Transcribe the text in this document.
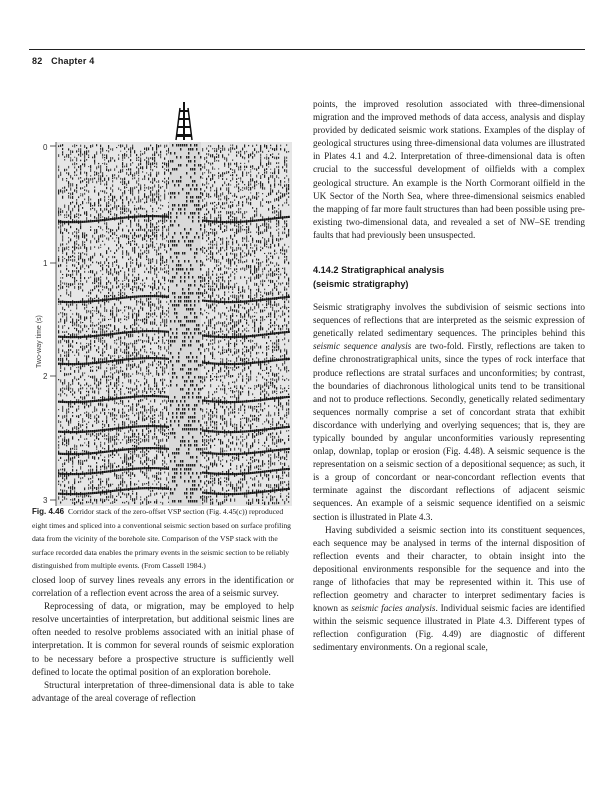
82 Chapter 4
0
1
2
3
Two-way time (s)
Fig. 4.46 Corridor stack of the zero-offset VSP section (Fig. 4.45(c)) reproduced eight times and spliced into a conventional seismic section based on surface profiling data from the vicinity of the borehole site. Comparison of the VSP stack with the surface recorded data enables the primary events in the seismic section to be reliably distinguished from multiple events. (From Cassell 1984.)

closed loop of survey lines reveals any errors in the identification or correlation of a reflection event across the area of a seismic survey.

Reprocessing of data, or migration, may be employed to help resolve uncertainties of interpretation, but additional seismic lines are often needed to resolve problems associated with an initial phase of interpretation. It is common for several rounds of seismic exploration to be necessary before a prospective structure is sufficiently well defined to locate the optimal position of an exploration borehole.

Structural interpretation of three-dimensional data is able to take advantage of the areal coverage of reflection

points, the improved resolution associated with three-dimensional migration and the improved methods of data access, analysis and display provided by dedicated seismic work stations. Examples of the display of geological structures using three-dimensional data volumes are illustrated in Plates 4.1 and 4.2. Interpretation of three-dimensional data is often crucial to the successful development of oilfields with a complex geological structure. An example is the North Cormorant oilfield in the UK Sector of the North Sea, where three-dimensional seismics enabled the mapping of far more fault structures than had been possible using pre-existing two-dimensional data, and revealed a set of NW–SE trending faults that had previously been unsuspected.

4.14.2 Stratigraphical analysis
(seismic stratigraphy)

Seismic stratigraphy involves the subdivision of seismic sections into sequences of reflections that are interpreted as the seismic expression of genetically related sedimentary sequences. The principles behind this seismic sequence analysis are two-fold. Firstly, reflections are taken to define chronostratigraphical units, since the types of rock interface that produce reflections are stratal surfaces and unconformities; by contrast, the boundaries of diachronous lithological units tend to be transitional and not to produce reflections. Secondly, genetically related sedimentary sequences normally comprise a set of concordant strata that exhibit discordance with underlying and overlying sequences; that is, they are typically bounded by angular unconformities variously representing onlap, downlap, toplap or erosion (Fig. 4.48). A seismic sequence is the representation on a seismic section of a depositional sequence; as such, it is a group of concordant or near-concordant reflection events that terminate against the discordant reflections of adjacent seismic sequences. An example of a seismic sequence identified on a seismic section is illustrated in Plate 4.3.

Having subdivided a seismic section into its constituent sequences, each sequence may be analysed in terms of the internal disposition of reflection events and their character, to obtain insight into the depositional environments responsible for the sequence and into the range of lithofacies that may be represented within it. This use of reflection geometry and character to interpret sedimentary facies is known as seismic facies analysis. Individual seismic facies are identified within the seismic sequence illustrated in Plate 4.3. Different types of reflection configuration (Fig. 4.49) are diagnostic of different sedimentary environments. On a regional scale,
